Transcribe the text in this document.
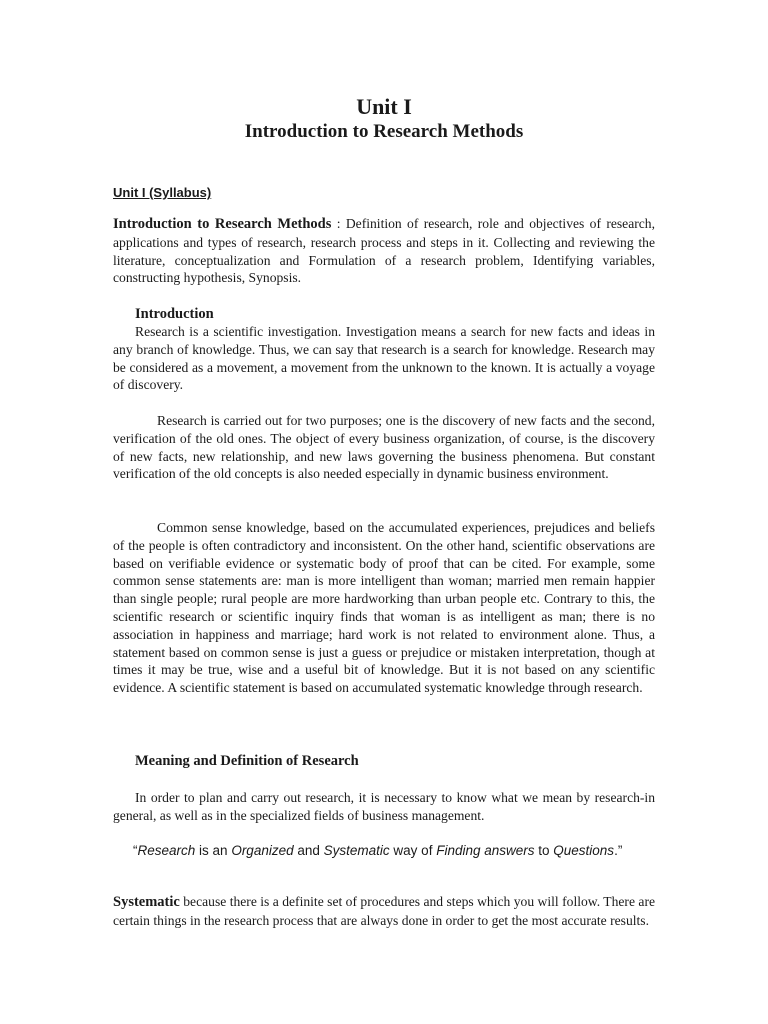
Unit I
Introduction to Research Methods
Unit I (Syllabus)

Introduction to Research Methods : Definition of research, role and objectives of research, applications and types of research, research process and steps in it. Collecting and reviewing the literature, conceptualization and Formulation of a research problem, Identifying variables, constructing hypothesis, Synopsis.

Introduction

Research is a scientific investigation. Investigation means a search for new facts and ideas in any branch of knowledge. Thus, we can say that research is a search for knowledge. Research may be considered as a movement, a movement from the unknown to the known. It is actually a voyage of discovery.

Research is carried out for two purposes; one is the discovery of new facts and the second, verification of the old ones. The object of every business organization, of course, is the discovery of new facts, new relationship, and new laws governing the business phenomena. But constant verification of the old concepts is also needed especially in dynamic business environment.

Common sense knowledge, based on the accumulated experiences, prejudices and beliefs of the people is often contradictory and inconsistent. On the other hand, scientific observations are based on verifiable evidence or systematic body of proof that can be cited. For example, some common sense statements are: man is more intelligent than woman; married men remain happier than single people; rural people are more hardworking than urban people etc. Contrary to this, the scientific research or scientific inquiry finds that woman is as intelligent as man; there is no association in happiness and marriage; hard work is not related to environment alone. Thus, a statement based on common sense is just a guess or prejudice or mistaken interpretation, though at times it may be true, wise and a useful bit of knowledge. But it is not based on any scientific evidence. A scientific statement is based on accumulated systematic knowledge through research.

Meaning and Definition of Research

In order to plan and carry out research, it is necessary to know what we mean by research-in general, as well as in the specialized fields of business management.

“Research is an Organized and Systematic way of Finding answers to Questions.”

Systematic because there is a definite set of procedures and steps which you will follow. There are certain things in the research process that are always done in order to get the most accurate results.
